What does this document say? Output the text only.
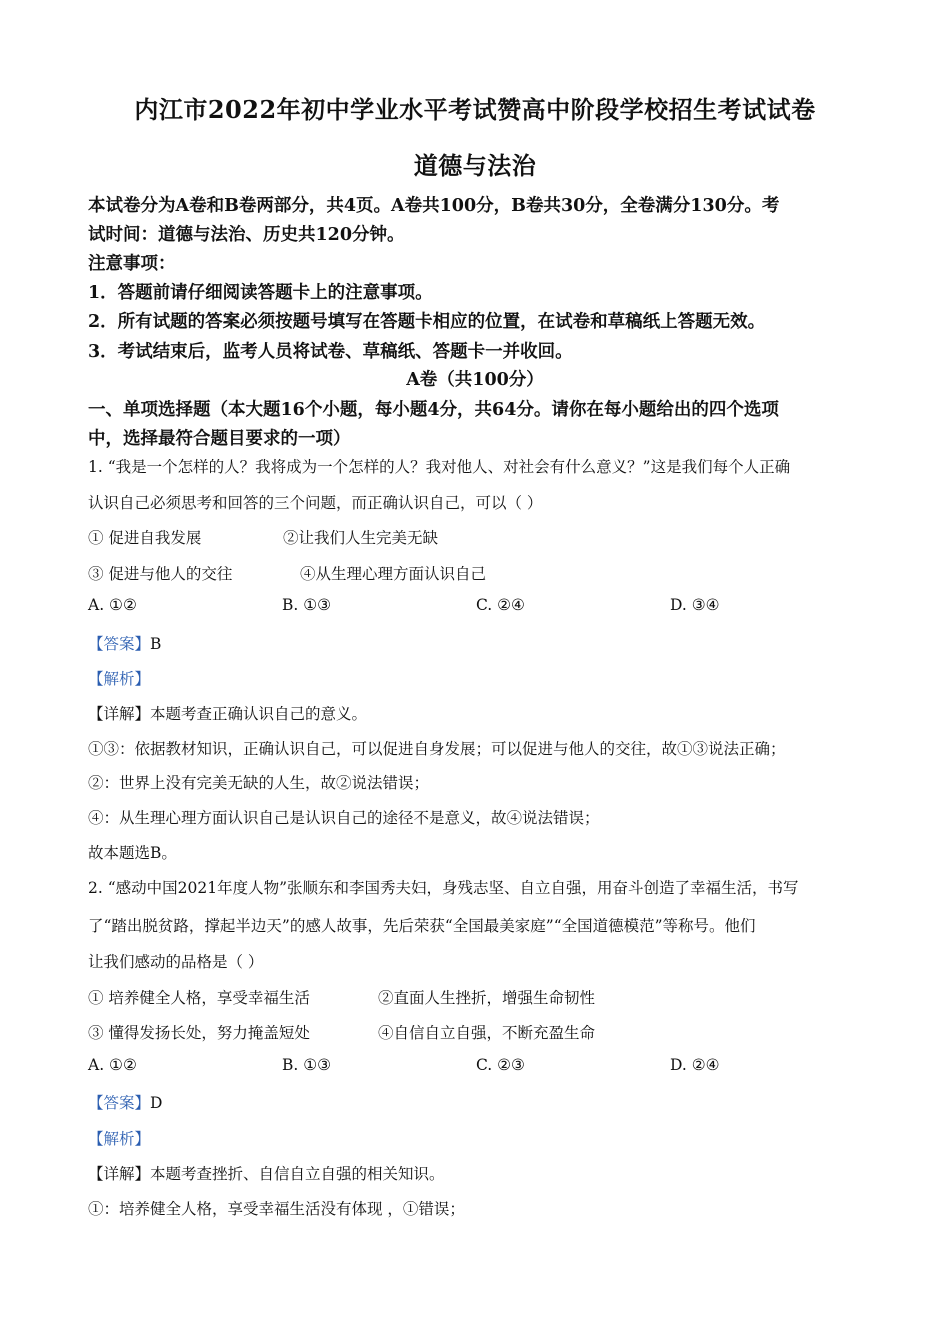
内江市2022年初中学业水平考试赞高中阶段学校招生考试试卷
道德与法治
本试卷分为A卷和B卷两部分，共4页。A卷共100分，B卷共30分，全卷满分130分。考
试时间：道德与法治、历史共120分钟。
注意事项：
1．答题前请仔细阅读答题卡上的注意事项。
2．所有试题的答案必须按题号填写在答题卡相应的位置，在试卷和草稿纸上答题无效。
3．考试结束后，监考人员将试卷、草稿纸、答题卡一并收回。
A卷（共100分）
一、单项选择题（本大题16个小题，每小题4分，共64分。请你在每小题给出的四个选项
中，选择最符合题目要求的一项）
1. “我是一个怎样的人？我将成为一个怎样的人？我对他人、对社会有什么意义？”这是我们每个人正确
认识自己必须思考和回答的三个问题，而正确认识自己，可以（ ）
① 促进自我发展	②让我们人生完美无缺
③ 促进与他人的交往	④从生理心理方面认识自己
A. ①②	B. ①③	C. ②④	D. ③④
【答案】B
【解析】
【详解】本题考查正确认识自己的意义。
①③：依据教材知识，正确认识自己，可以促进自身发展；可以促进与他人的交往，故①③说法正确；
②：世界上没有完美无缺的人生，故②说法错误；
④：从生理心理方面认识自己是认识自己的途径不是意义，故④说法错误；
故本题选B。
2. “感动中国2021年度人物”张顺东和李国秀夫妇，身残志坚、自立自强，用奋斗创造了幸福生活，书写
了“踏出脱贫路，撑起半边天”的感人故事，先后荣获“全国最美家庭”“全国道德模范”等称号。他们
让我们感动的品格是（ ）
① 培养健全人格，享受幸福生活	②直面人生挫折，增强生命韧性
③ 懂得发扬长处，努力掩盖短处	④自信自立自强，不断充盈生命
A. ①②	B. ①③	C. ②③	D. ②④
【答案】D
【解析】
【详解】本题考查挫折、自信自立自强的相关知识。
①：培养健全人格，享受幸福生活没有体现 ，①错误；
